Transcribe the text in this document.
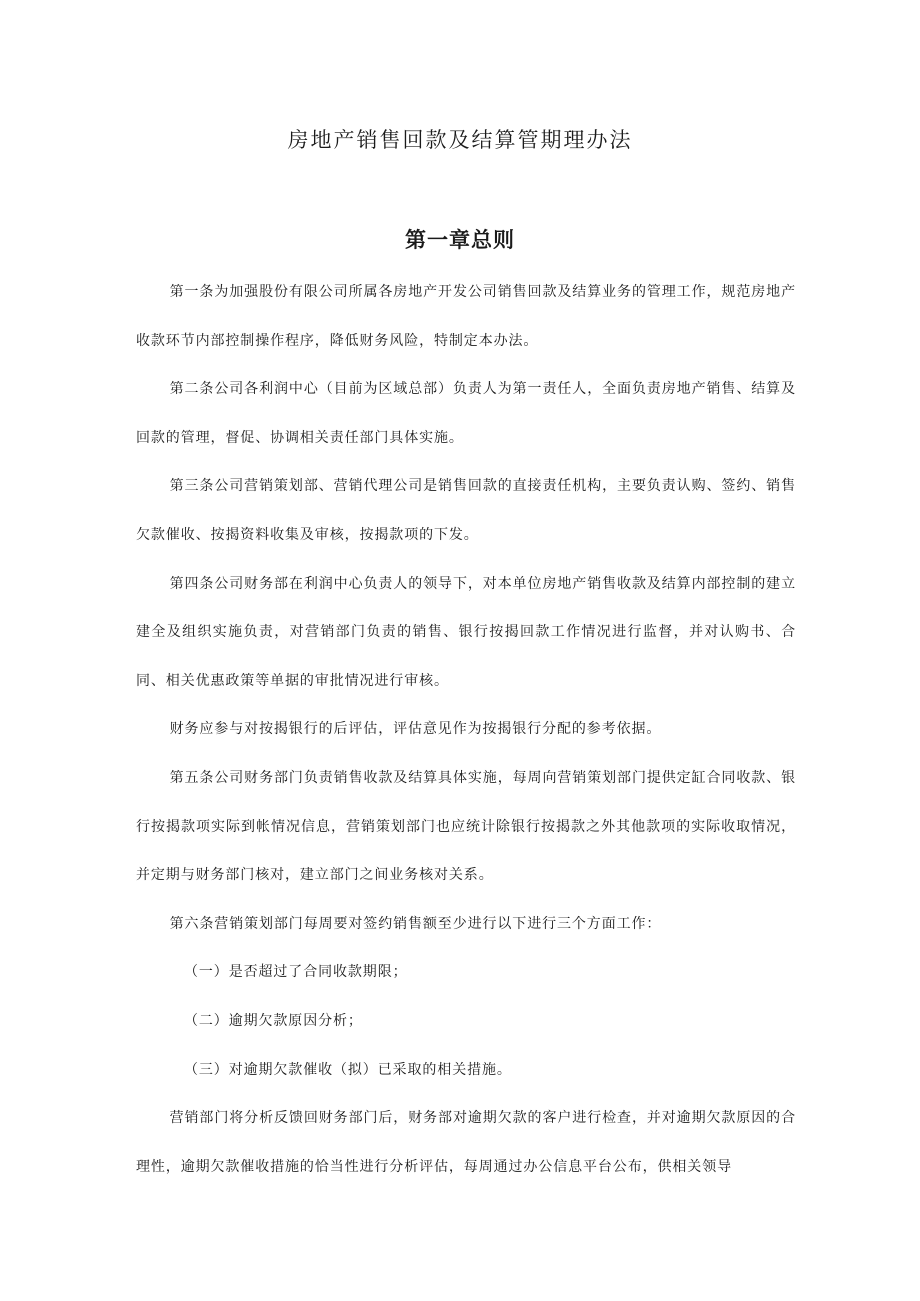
房地产销售回款及结算管期理办法
第一章总则

第一条为加强股份有限公司所属各房地产开发公司销售回款及结算业务的管理工作，规范房地产收款环节内部控制操作程序，降低财务风险，特制定本办法。

第二条公司各利润中心（目前为区域总部）负责人为第一责任人，全面负责房地产销售、结算及回款的管理，督促、协调相关责任部门具体实施。

第三条公司营销策划部、营销代理公司是销售回款的直接责任机构，主要负责认购、签约、销售欠款催收、按揭资料收集及审核，按揭款项的下发。

第四条公司财务部在利润中心负责人的领导下，对本单位房地产销售收款及结算内部控制的建立建全及组织实施负责，对营销部门负责的销售、银行按揭回款工作情况进行监督，并对认购书、合同、相关优惠政策等单据的审批情况进行审核。

财务应参与对按揭银行的后评估，评估意见作为按揭银行分配的参考依据。

第五条公司财务部门负责销售收款及结算具体实施，每周向营销策划部门提供定缸合同收款、银行按揭款项实际到帐情况信息，营销策划部门也应统计除银行按揭款之外其他款项的实际收取情况，并定期与财务部门核对，建立部门之间业务核对关系。

第六条营销策划部门每周要对签约销售额至少进行以下进行三个方面工作：

（一）是否超过了合同收款期限；

（二）逾期欠款原因分析；

（三）对逾期欠款催收（拟）已采取的相关措施。

营销部门将分析反馈回财务部门后，财务部对逾期欠款的客户进行检查，并对逾期欠款原因的合理性，逾期欠款催收措施的恰当性进行分析评估，每周通过办公信息平台公布，供相关领导
